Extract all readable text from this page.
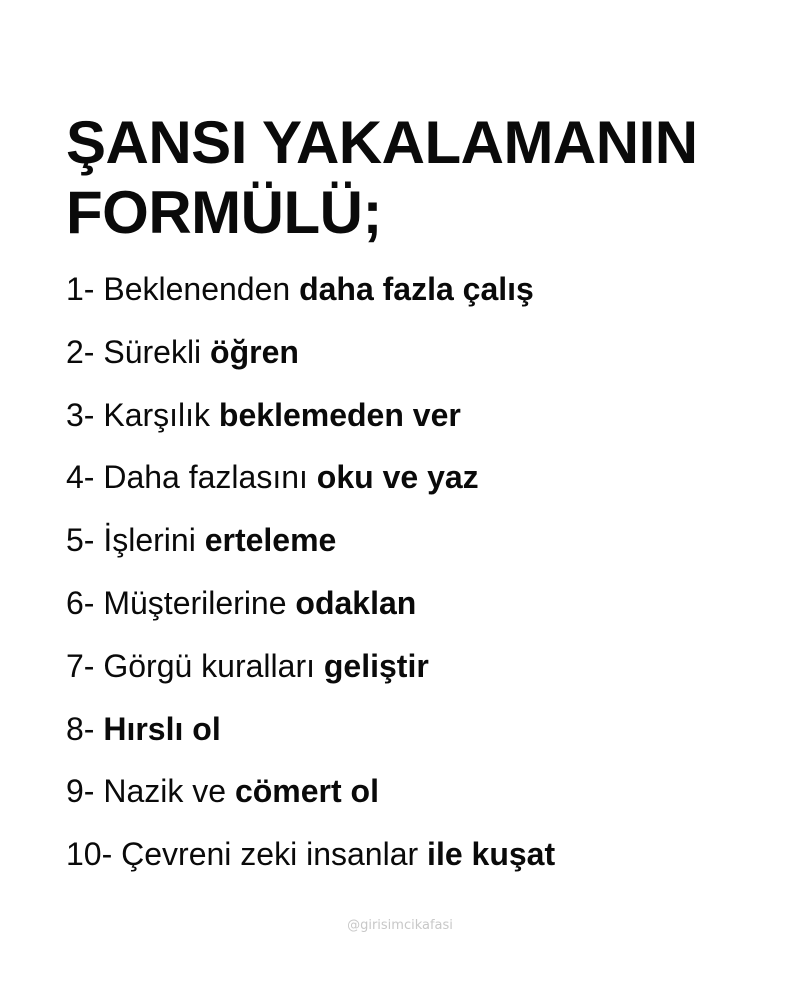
ŞANSI YAKALAMANIN
FORMÜLÜ;
1- Beklenenden daha fazla çalış
2- Sürekli öğren
3- Karşılık beklemeden ver
4- Daha fazlasını oku ve yaz
5- İşlerini erteleme
6- Müşterilerine odaklan
7- Görgü kuralları geliştir
8- Hırslı ol
9- Nazik ve cömert ol
10- Çevreni zeki insanlar ile kuşat
@girisimcikafasi
